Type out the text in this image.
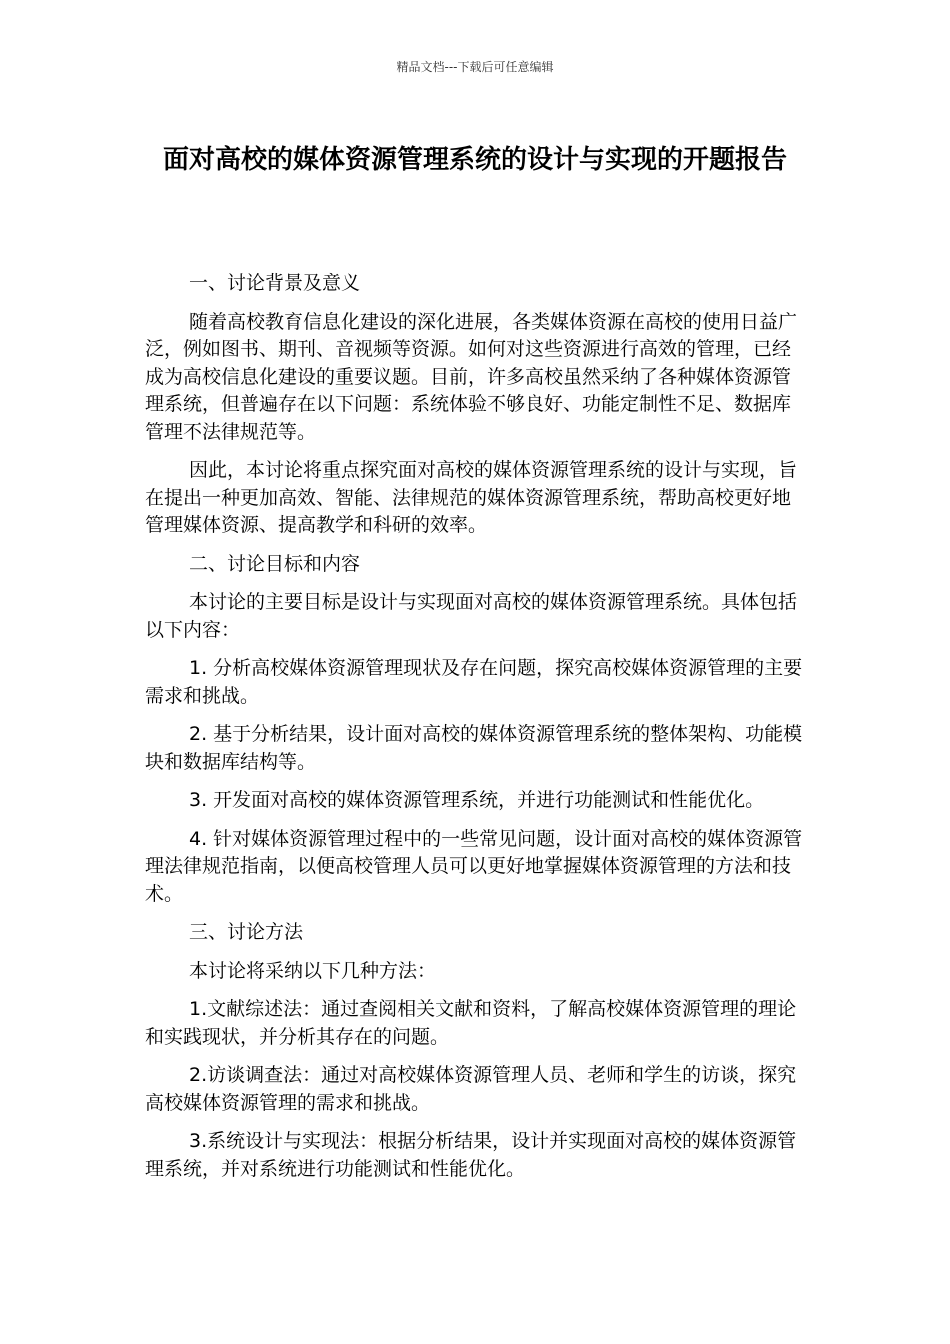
精品文档---下载后可任意编辑
面对高校的媒体资源管理系统的设计与实现的开题报告

一、讨论背景及意义

随着高校教育信息化建设的深化进展，各类媒体资源在高校的使用日益广泛，例如图书、期刊、音视频等资源。如何对这些资源进行高效的管理，已经成为高校信息化建设的重要议题。目前，许多高校虽然采纳了各种媒体资源管理系统，但普遍存在以下问题：系统体验不够良好、功能定制性不足、数据库管理不法律规范等。

因此，本讨论将重点探究面对高校的媒体资源管理系统的设计与实现，旨在提出一种更加高效、智能、法律规范的媒体资源管理系统，帮助高校更好地管理媒体资源、提高教学和科研的效率。

二、讨论目标和内容

本讨论的主要目标是设计与实现面对高校的媒体资源管理系统。具体包括以下内容：

1. 分析高校媒体资源管理现状及存在问题，探究高校媒体资源管理的主要需求和挑战。

2. 基于分析结果，设计面对高校的媒体资源管理系统的整体架构、功能模块和数据库结构等。

3. 开发面对高校的媒体资源管理系统，并进行功能测试和性能优化。

4. 针对媒体资源管理过程中的一些常见问题，设计面对高校的媒体资源管理法律规范指南，以便高校管理人员可以更好地掌握媒体资源管理的方法和技术。

三、讨论方法

本讨论将采纳以下几种方法：

1.文献综述法：通过查阅相关文献和资料，了解高校媒体资源管理的理论和实践现状，并分析其存在的问题。

2.访谈调查法：通过对高校媒体资源管理人员、老师和学生的访谈，探究高校媒体资源管理的需求和挑战。

3.系统设计与实现法：根据分析结果，设计并实现面对高校的媒体资源管理系统，并对系统进行功能测试和性能优化。
